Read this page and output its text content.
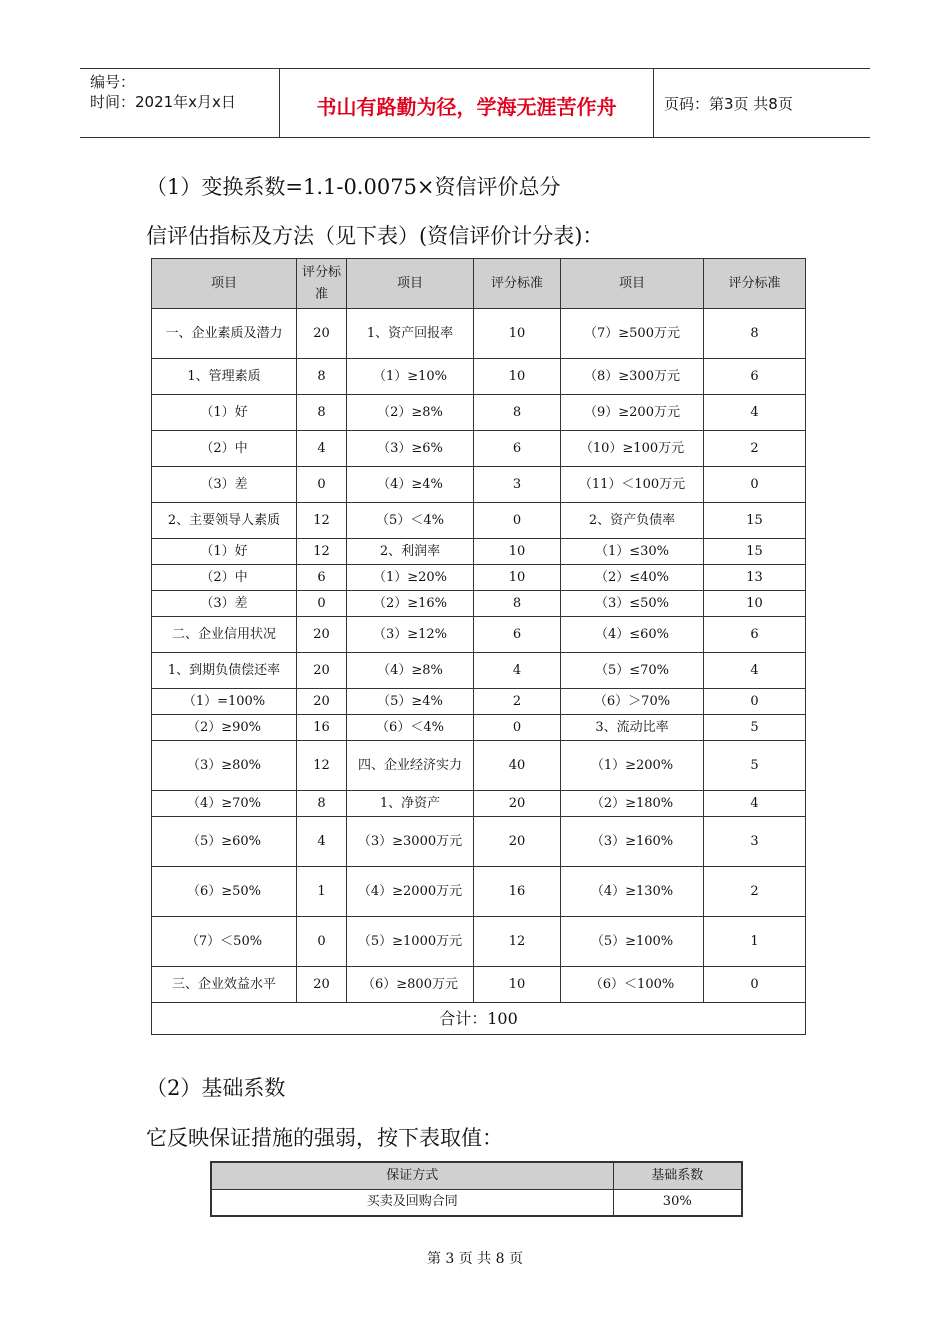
编号：
时间：2021年x月x日	书山有路勤为径，学海无涯苦作舟	页码：第3页 共8页
（1）变换系数=1.1-0.0075×资信评价总分
信评估指标及方法（见下表）(资信评价计分表)：
项目	评分标准	项目	评分标准	项目	评分标准
一、企业素质及潜力	20	1、资产回报率	10	（7）≥500万元	8
1、管理素质	8	（1）≥10%	10	（8）≥300万元	6
（1）好	8	（2）≥8%	8	（9）≥200万元	4
（2）中	4	（3）≥6%	6	（10）≥100万元	2
（3）差	0	（4）≥4%	3	（11）＜100万元	0
2、主要领导人素质	12	（5）＜4%	0	2、资产负债率	15
（1）好	12	2、利润率	10	（1）≤30%	15
（2）中	6	（1）≥20%	10	（2）≤40%	13
（3）差	0	（2）≥16%	8	（3）≤50%	10
二、企业信用状况	20	（3）≥12%	6	（4）≤60%	6
1、到期负债偿还率	20	（4）≥8%	4	（5）≤70%	4
（1）=100%	20	（5）≥4%	2	（6）＞70%	0
（2）≥90%	16	（6）＜4%	0	3、流动比率	5
（3）≥80%	12	四、企业经济实力	40	（1）≥200%	5
（4）≥70%	8	1、净资产	20	（2）≥180%	4
（5）≥60%	4	（3）≥3000万元	20	（3）≥160%	3
（6）≥50%	1	（4）≥2000万元	16	（4）≥130%	2
（7）＜50%	0	（5）≥1000万元	12	（5）≥100%	1
三、企业效益水平	20	（6）≥800万元	10	（6）＜100%	0
合计：100					
（2）基础系数
它反映保证措施的强弱，按下表取值：
保证方式	基础系数
买卖及回购合同	30%
第 3 页 共 8 页
